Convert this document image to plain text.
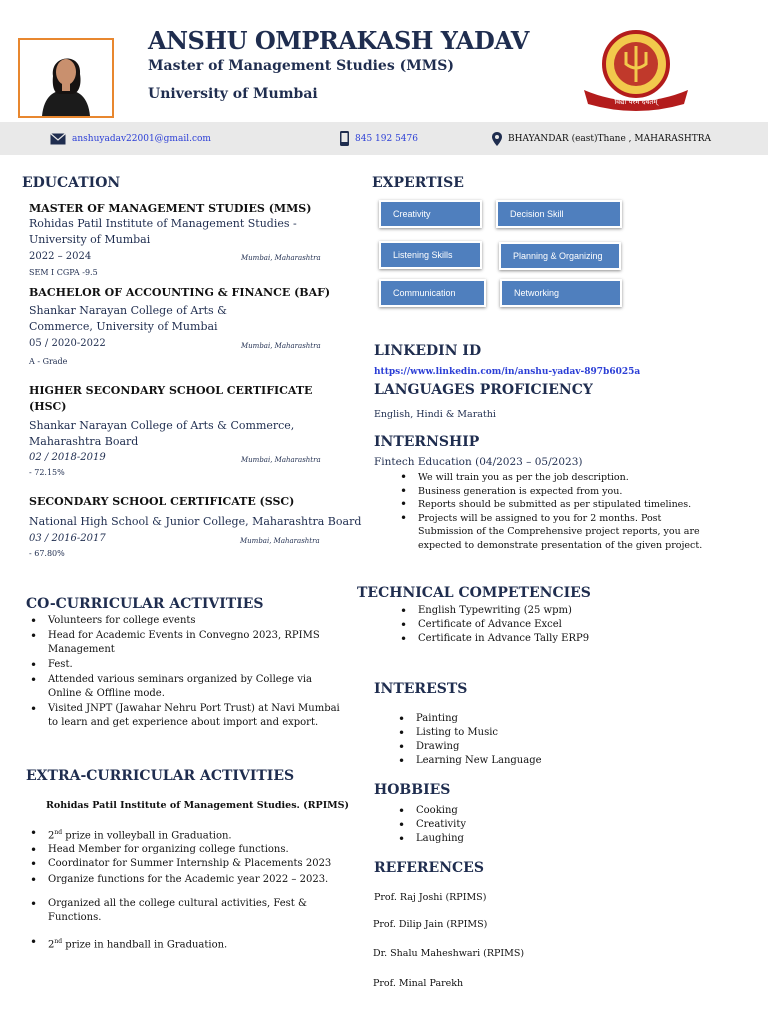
ANSHU OMPRAKASH YADAV
Master of Management Studies (MMS)
University of Mumbai	विद्या परम दैवतम्
anshuyadav22001@gmail.com	845 192 5476	BHAYANDAR (east)Thane , MAHARASHTRA
EDUCATION
MASTER OF MANAGEMENT STUDIES (MMS)
Rohidas Patil Institute of Management Studies -
University of Mumbai
2022 – 2024	Mumbai, Maharashtra
SEM I CGPA -9.5
BACHELOR OF ACCOUNTING & FINANCE (BAF)
Shankar Narayan College of Arts &
Commerce, University of Mumbai
05 / 2020-2022	Mumbai, Maharashtra
A - Grade
HIGHER SECONDARY SCHOOL CERTIFICATE
(HSC)
Shankar Narayan College of Arts & Commerce,
Maharashtra Board
02 / 2018-2019	Mumbai, Maharashtra
- 72.15%
SECONDARY SCHOOL CERTIFICATE (SSC)
National High School & Junior College, Maharashtra Board
03 / 2016-2017	Mumbai, Maharashtra
- 67.80%
CO-CURRICULAR ACTIVITIES
• Volunteers for college events
• Head for Academic Events in Convegno 2023, RPIMS Management
• Fest.
• Attended various seminars organized by College via Online & Offline mode.
• Visited JNPT (Jawahar Nehru Port Trust) at Navi Mumbai to learn and get experience about import and export.
EXTRA-CURRICULAR ACTIVITIES
Rohidas Patil Institute of Management Studies. (RPIMS)
• 2nd prize in volleyball in Graduation.
• Head Member for organizing college functions.
• Coordinator for Summer Internship & Placements 2023
• Organize functions for the Academic year 2022 – 2023.
• Organized all the college cultural activities, Fest & Functions.
• 2nd prize in handball in Graduation.
EXPERTISE
Creativity	Decision Skill
Listening Skills	Planning & Organizing
Communication	Networking
LINKEDIN ID
https://www.linkedin.com/in/anshu-yadav-897b6025a
LANGUAGES PROFICIENCY
English, Hindi & Marathi
INTERNSHIP
Fintech Education (04/2023 – 05/2023)
• We will train you as per the job description.
• Business generation is expected from you.
• Reports should be submitted as per stipulated timelines.
• Projects will be assigned to you for 2 months. Post Submission of the Comprehensive project reports, you are expected to demonstrate presentation of the given project.
TECHNICAL COMPETENCIES
• English Typewriting (25 wpm)
• Certificate of Advance Excel
• Certificate in Advance Tally ERP9
INTERESTS
• Painting
• Listing to Music
• Drawing
• Learning New Language
HOBBIES
• Cooking
• Creativity
• Laughing
REFERENCES
Prof. Raj Joshi (RPIMS)
Prof. Dilip Jain (RPIMS)
Dr. Shalu Maheshwari (RPIMS)
Prof. Minal Parekh
